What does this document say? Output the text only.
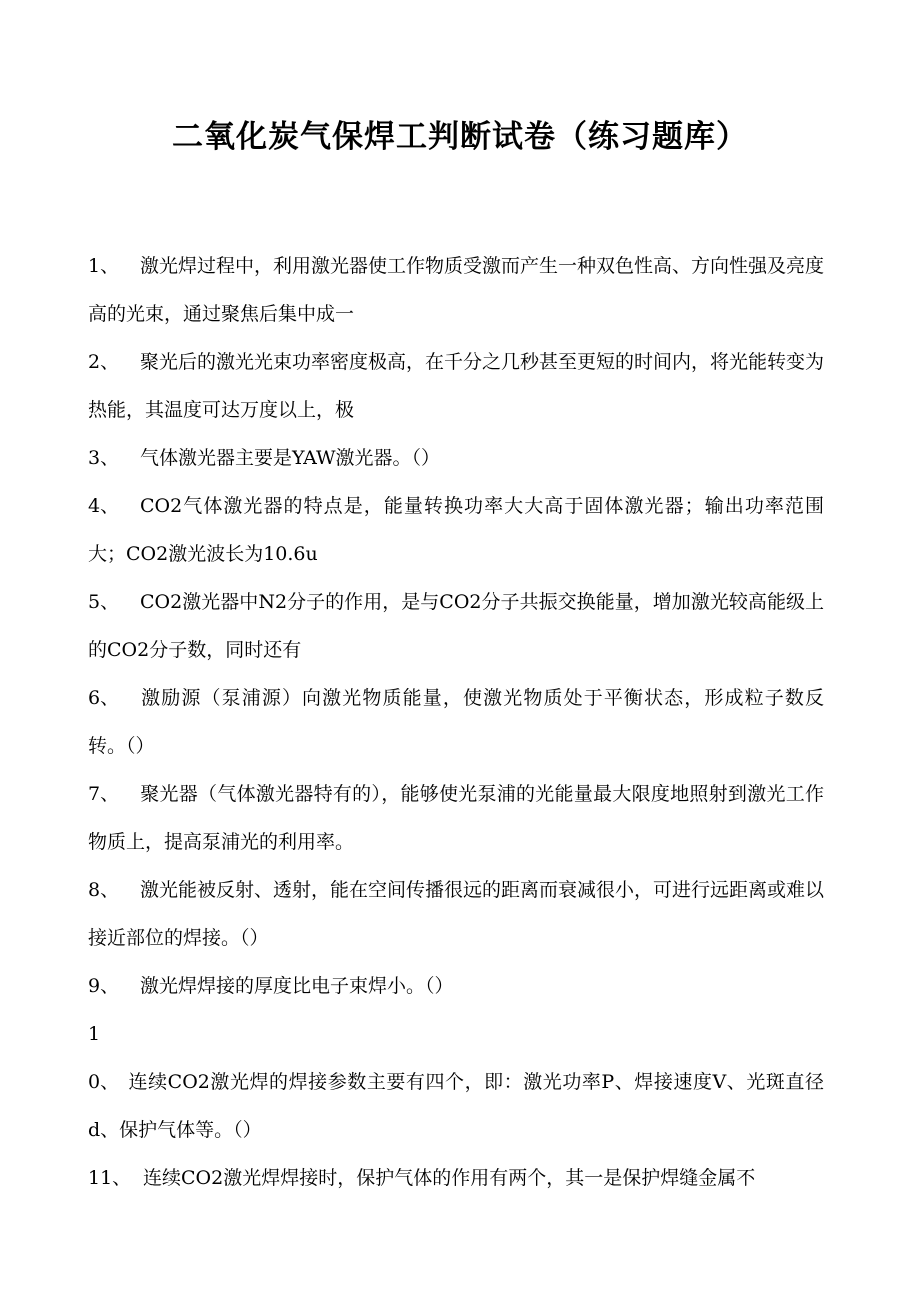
二氧化炭气保焊工判断试卷（练习题库）
1、 激光焊过程中，利用激光器使工作物质受激而产生一种双色性高、方向性强及亮度高的光束，通过聚焦后集中成一
2、 聚光后的激光光束功率密度极高，在千分之几秒甚至更短的时间内，将光能转变为热能，其温度可达万度以上，极
3、 气体激光器主要是YAW激光器。（）
4、 CO2气体激光器的特点是，能量转换功率大大高于固体激光器；输出功率范围大；CO2激光波长为10.6u
5、 CO2激光器中N2分子的作用，是与CO2分子共振交换能量，增加激光较高能级上的CO2分子数，同时还有
6、 激励源（泵浦源）向激光物质能量，使激光物质处于平衡状态，形成粒子数反转。（）
7、 聚光器（气体激光器特有的），能够使光泵浦的光能量最大限度地照射到激光工作物质上，提高泵浦光的利用率。
8、 激光能被反射、透射，能在空间传播很远的距离而衰减很小，可进行远距离或难以接近部位的焊接。（）
9、 激光焊焊接的厚度比电子束焊小。（）
10、 连续CO2激光焊的焊接参数主要有四个，即：激光功率P、焊接速度V、光斑直径d、保护气体等。（）
11、 连续CO2激光焊焊接时，保护气体的作用有两个，其一是保护焊缝金属不
